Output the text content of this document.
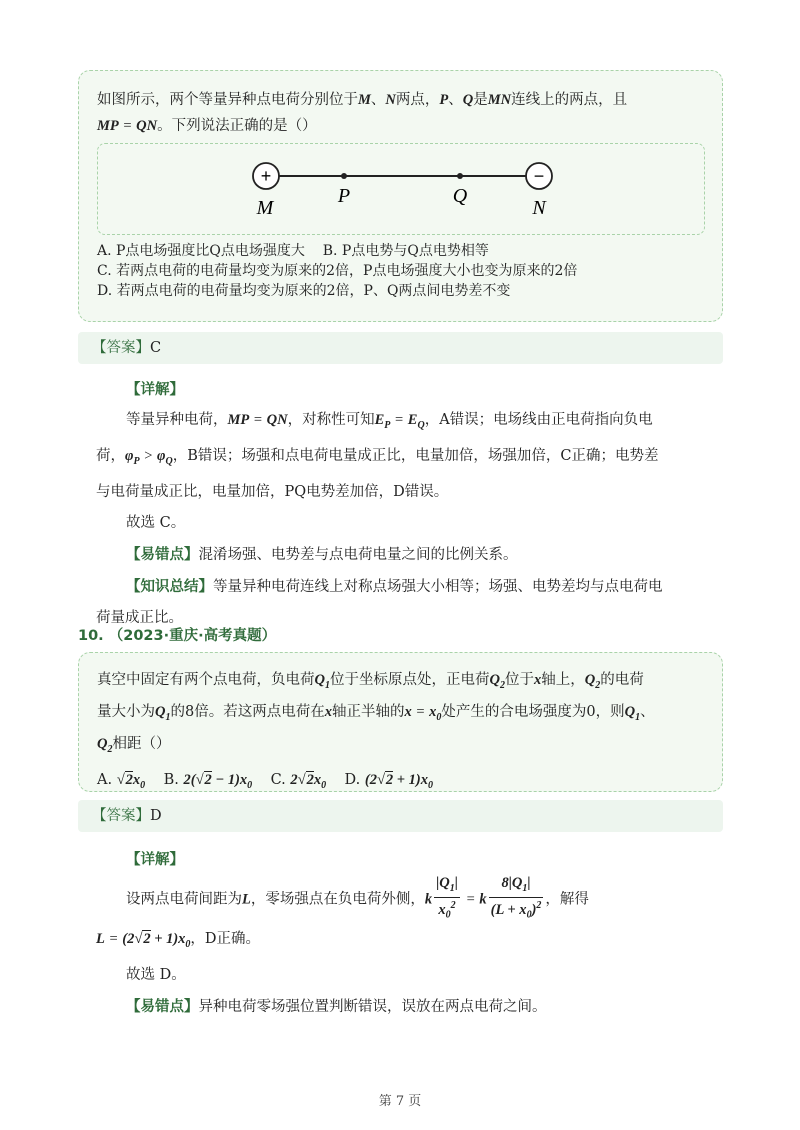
如图所示，两个等量异种点电荷分别位于M、N两点，P、Q是MN连线上的两点，且
MP = QN。下列说法正确的是（）
+	−
M
P	Q
N
A. P点电场强度比Q点电场强度大 B. P点电势与Q点电势相等
C. 若两点电荷的电荷量均变为原来的2倍，P点电场强度大小也变为原来的2倍
D. 若两点电荷的电荷量均变为原来的2倍，P、Q两点间电势差不变
【答案】C
【详解】
等量异种电荷，MP = QN，对称性可知$E_P = E_Q$，A错误；电场线由正电荷指向负电
荷，$\varphi_P > \varphi_Q$，B错误；场强和点电荷电量成正比，电量加倍，场强加倍，C正确；电势差
与电荷量成正比，电量加倍，PQ电势差加倍，D错误。
故选 C。
【易错点】混淆场强、电势差与点电荷电量之间的比例关系。
【知识总结】等量异种电荷连线上对称点场强大小相等；场强、电势差均与点电荷电
荷量成正比。
10. （2023·重庆·高考真题）
真空中固定有两个点电荷，负电荷$Q_1$位于坐标原点处，正电荷$Q_2$位于x轴上，$Q_2$的电荷
量大小为$Q_1$的8倍。若这两点电荷在x轴正半轴的$x = x_0$处产生的合电场强度为0，则$Q_1$、
$Q_2$相距（）
A. $√2x_0$ B. $2(√2 - 1)x_0$ C. $2√2x_0$ D. $(2√2 + 1)x_0$
【答案】D
【详解】
设两点电荷间距为L，零场强点在负电荷外侧，k $\frac{|Q_1|}{x_0^2} = k \frac{8|Q_1|}{(L + x_0)^2}$ ，解得
$L = (2√2 + 1)x_0$，D正确。
故选 D。
【易错点】异种电荷零场强位置判断错误，误放在两点电荷之间。
第 7 页
